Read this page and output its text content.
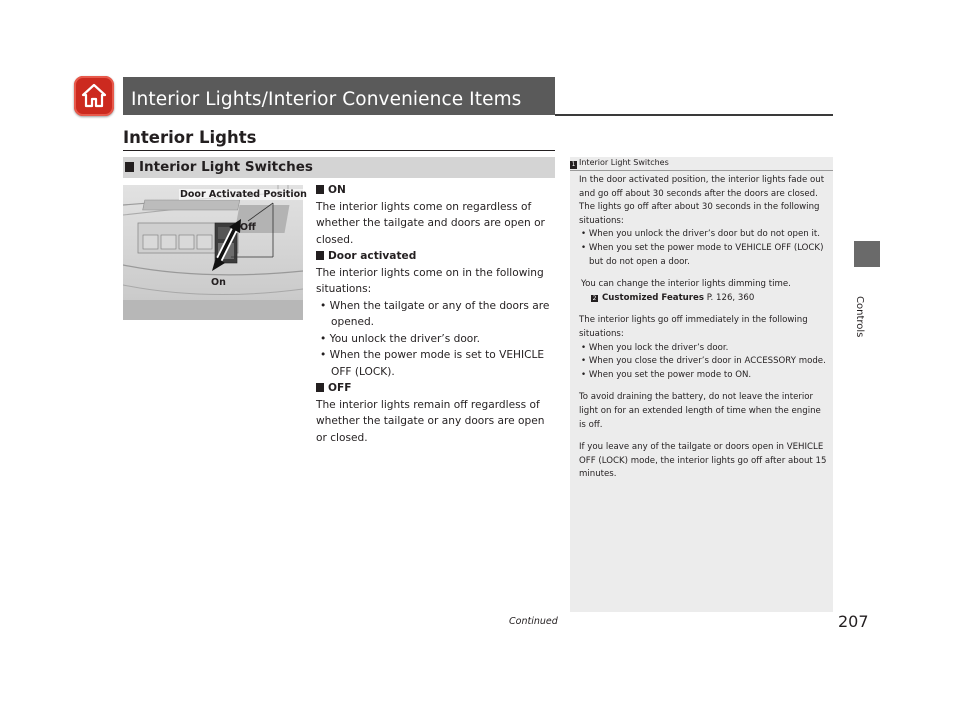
Interior Lights/Interior Convenience Items
Interior Lights
Interior Light Switches
Door Activated Position
Off
On

ON

The interior lights come on regardless of whether the tailgate and doors are open or closed.

Door activated

The interior lights come on in the following situations:

• When the tailgate or any of the doors are opened.

• You unlock the driver’s door.

• When the power mode is set to VEHICLE OFF (LOCK).

OFF

The interior lights remain off regardless of whether the tailgate or any doors are open or closed.

1 Interior Light Switches

In the door activated position, the interior lights fade out and go off about 30 seconds after the doors are closed.

The lights go off after about 30 seconds in the following situations:

• When you unlock the driver’s door but do not open it.

• When you set the power mode to VEHICLE OFF (LOCK) but do not open a door.

You can change the interior lights dimming time.

2 Customized Features P. 126, 360

The interior lights go off immediately in the following situations:

• When you lock the driver’s door.

• When you close the driver’s door in ACCESSORY mode.

• When you set the power mode to ON.

To avoid draining the battery, do not leave the interior light on for an extended length of time when the engine is off.

If you leave any of the tailgate or doors open in VEHICLE OFF (LOCK) mode, the interior lights go off after about 15 minutes.

Controls
Continued	207
